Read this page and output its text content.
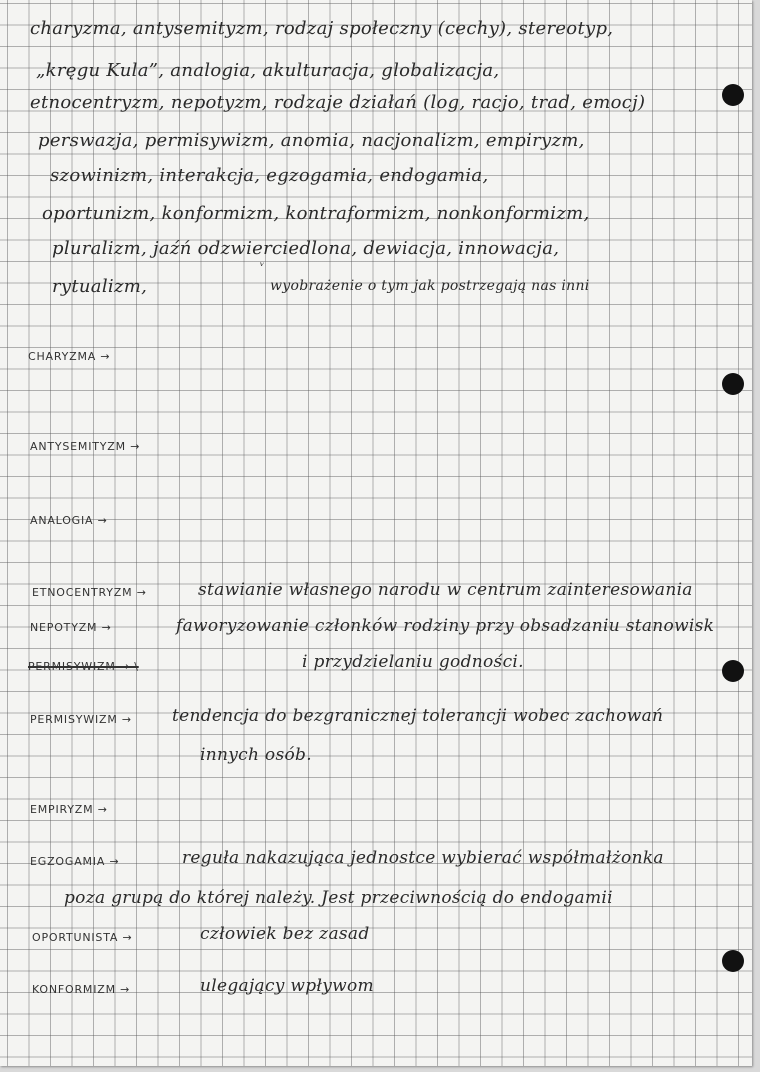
charyzma, antysemityzm, rodzaj społeczny (cechy), stereotyp,
„kręgu Kula”, analogia, akulturacja, globalizacja,
etnocentryzm, nepotyzm, rodzaje działań (log, racjo, trad, emocj)
perswazja, permisywizm, anomia, nacjonalizm, empiryzm,
szowinizm, interakcja, egzogamia, endogamia,
oportunizm, konformizm, kontraformizm, nonkonformizm,
pluralizm, jaźń odzwierciedlona, dewiacja, innowacja,
rytualizm,
ᵛ
wyobrażenie o tym jak postrzegają nas inni
CHARYZMA →
ANTYSEMITYZM →
ANALOGIA →
ETNOCENTRYZM →	stawianie własnego narodu w centrum zainteresowania
NEPOTYZM →	faworyzowanie członków rodziny przy obsadzaniu stanowisk
PERMISYWIZM → \	i przydzielaniu godności.
PERMISYWIZM → tendencja do bezgranicznej tolerancji wobec zachowań
innych osób.
EMPIRYZM →
EGZOGAMIA →	reguła nakazująca jednostce wybierać współmałżonka
poza grupą do której należy. Jest przeciwnością do endogamii
OPORTUNISTA →	człowiek bez zasad
KONFORMIZM →	ulegający wpływom
